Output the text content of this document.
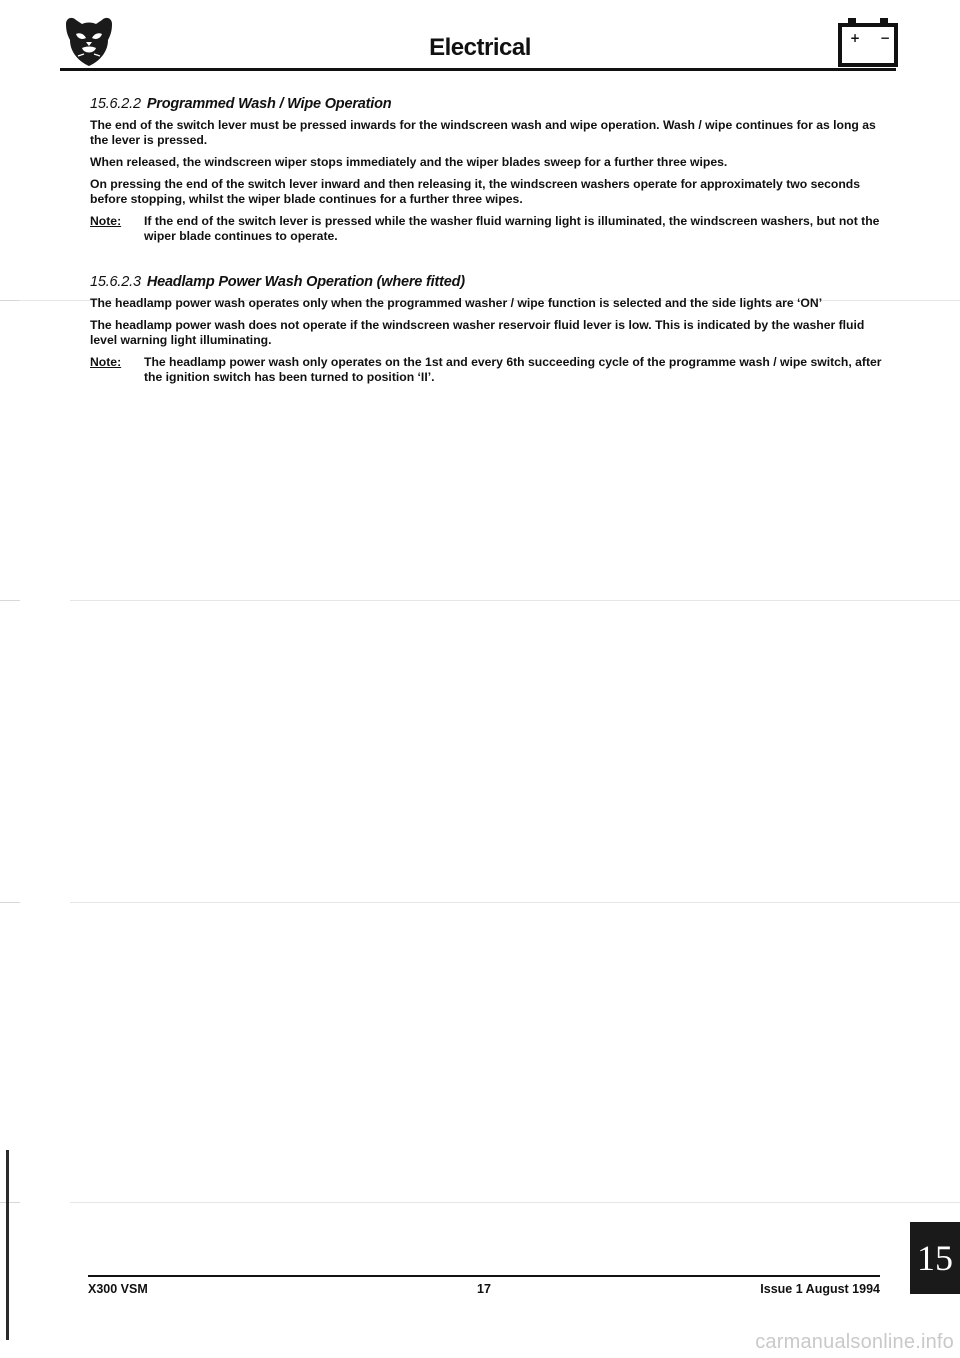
Electrical	+ −
15.6.2.2 Programmed Wash / Wipe Operation

The end of the switch lever must be pressed inwards for the windscreen wash and wipe operation. Wash / wipe continues for as long as the lever is pressed.

When released, the windscreen wiper stops immediately and the wiper blades sweep for a further three wipes.

On pressing the end of the switch lever inward and then releasing it, the windscreen washers operate for approximately two seconds before stopping, whilst the wiper blade continues for a further three wipes.

Note:	If the end of the switch lever is pressed while the washer fluid warning light is illuminated, the windscreen washers, but not the wiper blade continues to operate.
15.6.2.3 Headlamp Power Wash Operation (where fitted)

The headlamp power wash operates only when the programmed washer / wipe function is selected and the side lights are ‘ON’

The headlamp power wash does not operate if the windscreen washer reservoir fluid lever is low. This is indicated by the washer fluid level warning light illuminating.

Note:	The headlamp power wash only operates on the 1st and every 6th succeeding cycle of the programme wash / wipe switch, after the ignition switch has been turned to position ‘II’.
15
X300 VSM	17	Issue 1 August 1994
carmanualsonline.info
